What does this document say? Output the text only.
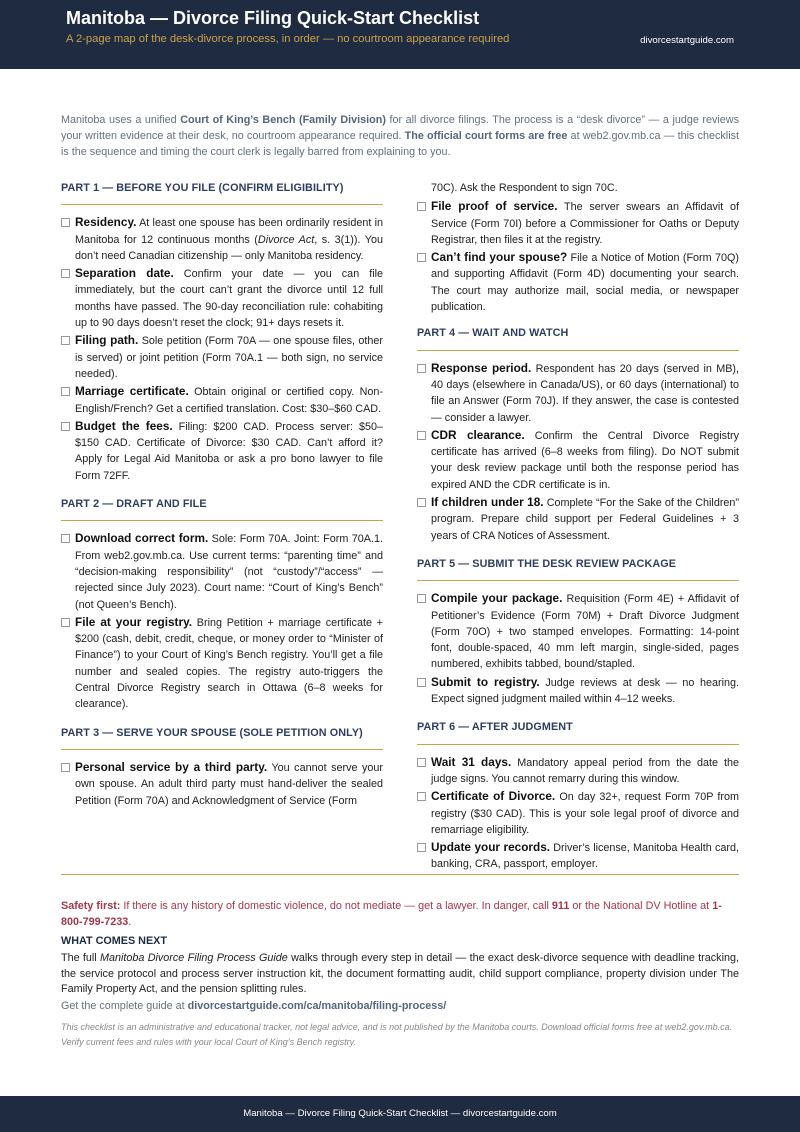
Manitoba — Divorce Filing Quick-Start Checklist
A 2-page map of the desk-divorce process, in order — no courtroom appearance required	divorcestartguide.com
Manitoba uses a unified Court of King’s Bench (Family Division) for all divorce filings. The process is a “desk divorce” — a judge reviews your written evidence at their desk, no courtroom appearance required. The official court forms are free at web2.gov.mb.ca — this checklist is the sequence and timing the court clerk is legally barred from explaining to you.
PART 1 — BEFORE YOU FILE (CONFIRM ELIGIBILITY)
Residency. At least one spouse has been ordinarily resident in Manitoba for 12 continuous months (Divorce Act, s. 3(1)). You don’t need Canadian citizenship — only Manitoba residency.
Separation date. Confirm your date — you can file immediately, but the court can’t grant the divorce until 12 full months have passed. The 90-day reconciliation rule: cohabiting up to 90 days doesn’t reset the clock; 91+ days resets it.
Filing path. Sole petition (Form 70A — one spouse files, other is served) or joint petition (Form 70A.1 — both sign, no service needed).
Marriage certificate. Obtain original or certified copy. Non-English/French? Get a certified translation. Cost: $30–$60 CAD.
Budget the fees. Filing: $200 CAD. Process server: $50–$150 CAD. Certificate of Divorce: $30 CAD. Can’t afford it? Apply for Legal Aid Manitoba or ask a pro bono lawyer to file Form 72FF.
PART 2 — DRAFT AND FILE
Download correct form. Sole: Form 70A. Joint: Form 70A.1. From web2.gov.mb.ca. Use current terms: “parenting time” and “decision-making responsibility” (not “custody”/“access” — rejected since July 2023). Court name: “Court of King’s Bench” (not Queen’s Bench).
File at your registry. Bring Petition + marriage certificate + $200 (cash, debit, credit, cheque, or money order to “Minister of Finance”) to your Court of King’s Bench registry. You’ll get a file number and sealed copies. The registry auto-triggers the Central Divorce Registry search in Ottawa (6–8 weeks for clearance).
PART 3 — SERVE YOUR SPOUSE (SOLE PETITION ONLY)
Personal service by a third party. You cannot serve your own spouse. An adult third party must hand-deliver the sealed Petition (Form 70A) and Acknowledgment of Service (Form
70C). Ask the Respondent to sign 70C.
File proof of service. The server swears an Affidavit of Service (Form 70I) before a Commissioner for Oaths or Deputy Registrar, then files it at the registry.
Can’t find your spouse? File a Notice of Motion (Form 70Q) and supporting Affidavit (Form 4D) documenting your search. The court may authorize mail, social media, or newspaper publication.
PART 4 — WAIT AND WATCH
Response period. Respondent has 20 days (served in MB), 40 days (elsewhere in Canada/US), or 60 days (international) to file an Answer (Form 70J). If they answer, the case is contested — consider a lawyer.
CDR clearance. Confirm the Central Divorce Registry certificate has arrived (6–8 weeks from filing). Do NOT submit your desk review package until both the response period has expired AND the CDR certificate is in.
If children under 18. Complete “For the Sake of the Children” program. Prepare child support per Federal Guidelines + 3 years of CRA Notices of Assessment.
PART 5 — SUBMIT THE DESK REVIEW PACKAGE
Compile your package. Requisition (Form 4E) + Affidavit of Petitioner’s Evidence (Form 70M) + Draft Divorce Judgment (Form 70O) + two stamped envelopes. Formatting: 14-point font, double-spaced, 40 mm left margin, single-sided, pages numbered, exhibits tabbed, bound/stapled.
Submit to registry. Judge reviews at desk — no hearing. Expect signed judgment mailed within 4–12 weeks.
PART 6 — AFTER JUDGMENT
Wait 31 days. Mandatory appeal period from the date the judge signs. You cannot remarry during this window.
Certificate of Divorce. On day 32+, request Form 70P from registry ($30 CAD). This is your sole legal proof of divorce and remarriage eligibility.
Update your records. Driver’s license, Manitoba Health card, banking, CRA, passport, employer.
Safety first: If there is any history of domestic violence, do not mediate — get a lawyer. In danger, call 911 or the National DV Hotline at 1-800-799-7233.
WHAT COMES NEXT
The full Manitoba Divorce Filing Process Guide walks through every step in detail — the exact desk-divorce sequence with deadline tracking, the service protocol and process server instruction kit, the document formatting audit, child support compliance, property division under The Family Property Act, and the pension splitting rules.
Get the complete guide at divorcestartguide.com/ca/manitoba/filing-process/
This checklist is an administrative and educational tracker, not legal advice, and is not published by the Manitoba courts. Download official forms free at web2.gov.mb.ca. Verify current fees and rules with your local Court of King’s Bench registry.
Manitoba — Divorce Filing Quick-Start Checklist — divorcestartguide.com
